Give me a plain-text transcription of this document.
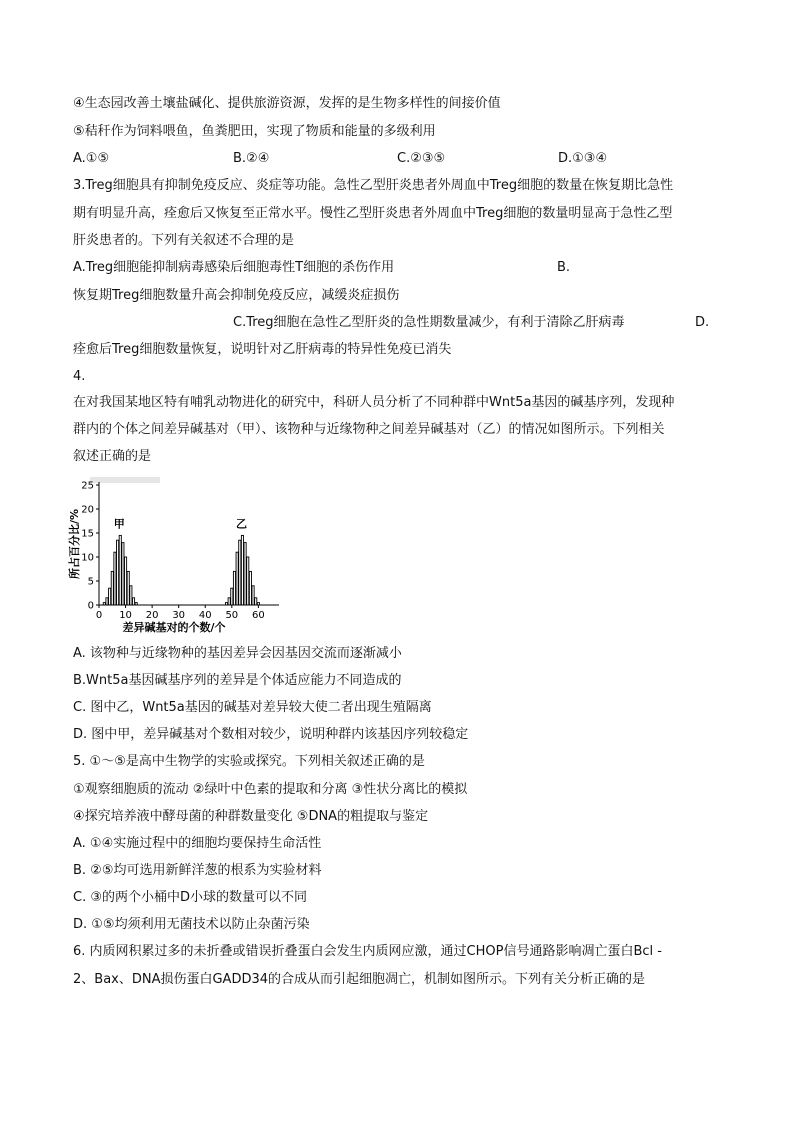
④生态园改善土壤盐碱化、提供旅游资源，发挥的是生物多样性的间接价值
⑤秸秆作为饲料喂鱼，鱼粪肥田，实现了物质和能量的多级利用
A.①⑤	B.②④	C.②③⑤	D.①③④
3.Treg细胞具有抑制免疫反应、炎症等功能。急性乙型肝炎患者外周血中Treg细胞的数量在恢复期比急性
期有明显升高，痊愈后又恢复至正常水平。慢性乙型肝炎患者外周血中Treg细胞的数量明显高于急性乙型
肝炎患者的。下列有关叙述不合理的是
A.Treg细胞能抑制病毒感染后细胞毒性T细胞的杀伤作用	B.
恢复期Treg细胞数量升高会抑制免疫反应，减缓炎症损伤
C.Treg细胞在急性乙型肝炎的急性期数量减少，有利于清除乙肝病毒	D.
痊愈后Treg细胞数量恢复，说明针对乙肝病毒的特异性免疫已消失
4.
在对我国某地区特有哺乳动物进化的研究中，科研人员分析了不同种群中Wnt5a基因的碱基序列，发现种
群内的个体之间差异碱基对（甲）、该物种与近缘物种之间差异碱基对（乙）的情况如图所示。下列相关
叙述正确的是
0
5
10
15
20
25
0 10 20 30 40 50 60
甲	乙
差异碱基对的个数/个
所占百分比/%
A. 该物种与近缘物种的基因差异会因基因交流而逐渐减小
B.Wnt5a基因碱基序列的差异是个体适应能力不同造成的
C. 图中乙，Wnt5a基因的碱基对差异较大使二者出现生殖隔离
D. 图中甲，差异碱基对个数相对较少，说明种群内该基因序列较稳定
5. ①～⑤是高中生物学的实验或探究。下列相关叙述正确的是
①观察细胞质的流动 ②绿叶中色素的提取和分离 ③性状分离比的模拟
④探究培养液中酵母菌的种群数量变化 ⑤DNA的粗提取与鉴定
A. ①④实施过程中的细胞均要保持生命活性
B. ②⑤均可选用新鲜洋葱的根系为实验材料
C. ③的两个小桶中D小球的数量可以不同
D. ①⑤均须利用无菌技术以防止杂菌污染
6. 内质网积累过多的未折叠或错误折叠蛋白会发生内质网应激，通过CHOP信号通路影响凋亡蛋白Bcl -
2、Bax、DNA损伤蛋白GADD34的合成从而引起细胞凋亡，机制如图所示。下列有关分析正确的是
